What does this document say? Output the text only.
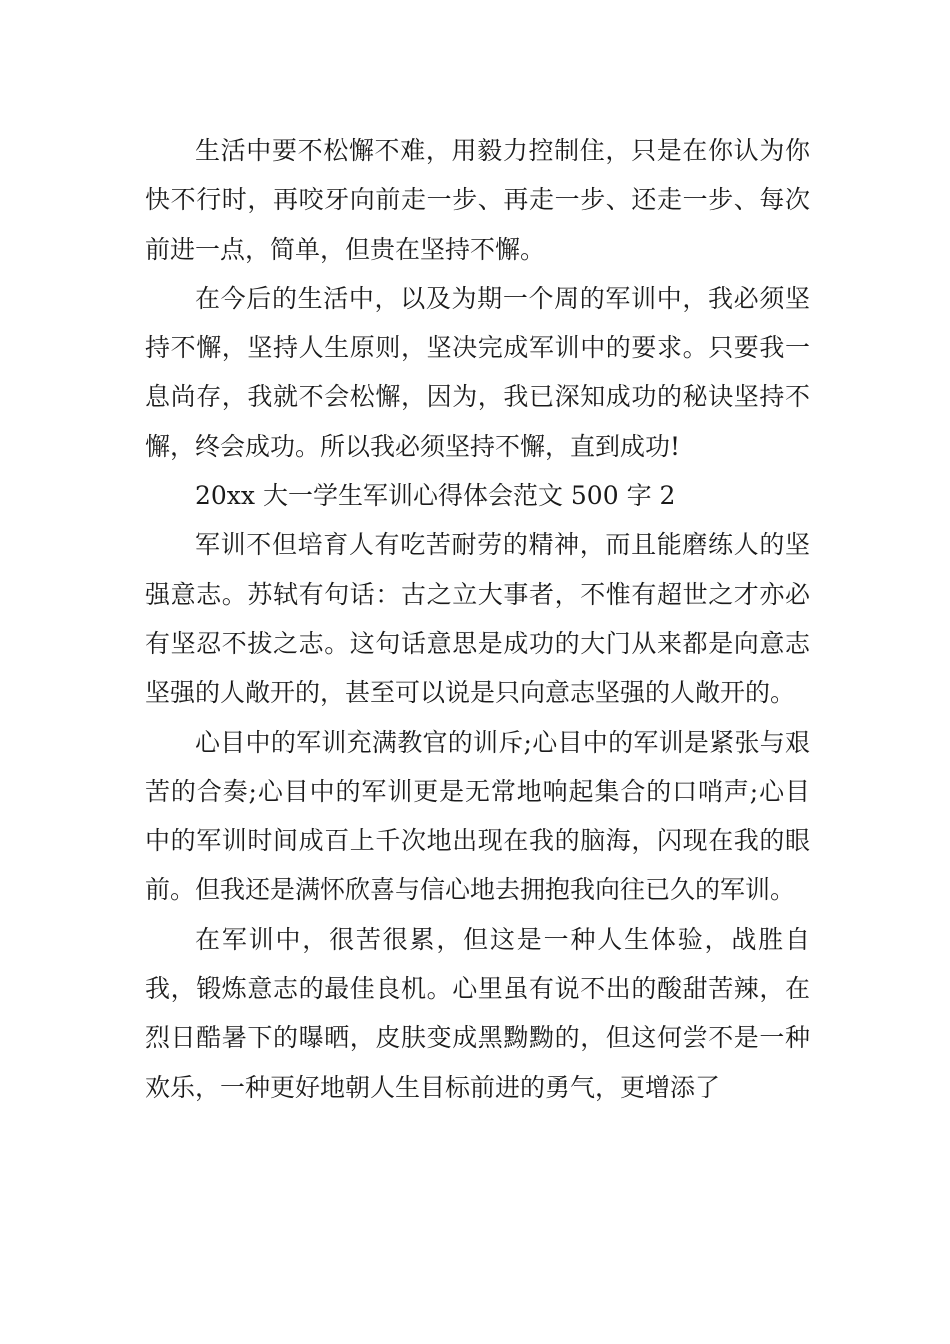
生活中要不松懈不难，用毅力控制住，只是在你认为你快不行时，再咬牙向前走一步、再走一步、还走一步、每次前进一点，简单，但贵在坚持不懈。

在今后的生活中，以及为期一个周的军训中，我必须坚持不懈，坚持人生原则，坚决完成军训中的要求。只要我一息尚存，我就不会松懈，因为，我已深知成功的秘诀坚持不懈，终会成功。所以我必须坚持不懈，直到成功!

20xx 大一学生军训心得体会范文 500 字 2

军训不但培育人有吃苦耐劳的精神，而且能磨练人的坚强意志。苏轼有句话：古之立大事者，不惟有超世之才亦必有坚忍不拔之志。这句话意思是成功的大门从来都是向意志坚强的人敞开的，甚至可以说是只向意志坚强的人敞开的。

心目中的军训充满教官的训斥;心目中的军训是紧张与艰苦的合奏;心目中的军训更是无常地响起集合的口哨声;心目中的军训时间成百上千次地出现在我的脑海，闪现在我的眼前。但我还是满怀欣喜与信心地去拥抱我向往已久的军训。

在军训中，很苦很累，但这是一种人生体验，战胜自我，锻炼意志的最佳良机。心里虽有说不出的酸甜苦辣，在烈日酷暑下的曝晒，皮肤变成黑黝黝的，但这何尝不是一种欢乐，一种更好地朝人生目标前进的勇气，更增添了
